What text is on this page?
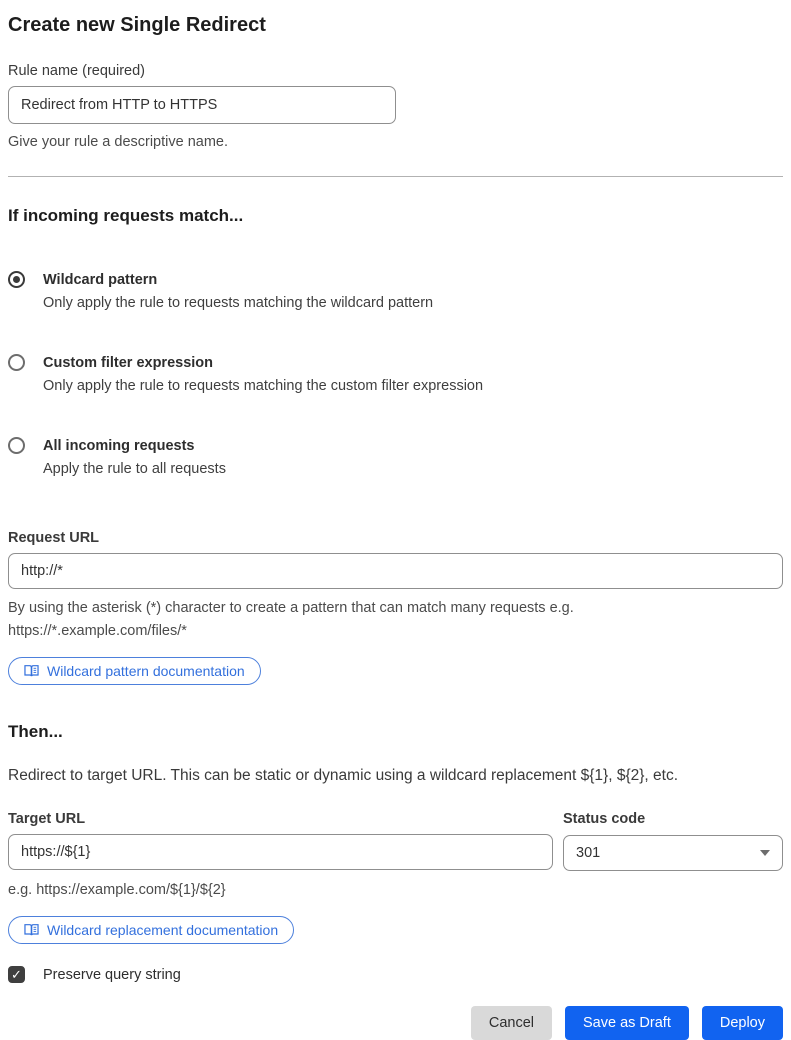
Create new Single Redirect
Rule name (required)
Redirect from HTTP to HTTPS
Give your rule a descriptive name.
If incoming requests match...
Wildcard pattern
Only apply the rule to requests matching the wildcard pattern
Custom filter expression
Only apply the rule to requests matching the custom filter expression
All incoming requests
Apply the rule to all requests
Request URL
http://*
By using the asterisk (*) character to create a pattern that can match many requests e.g.
https://*.example.com/files/*
Wildcard pattern documentation
Then...
Redirect to target URL. This can be static or dynamic using a wildcard replacement ${1}, ${2}, etc.
Target URL
https://${1}	Status code
301
e.g. https://example.com/${1}/${2}
Wildcard replacement documentation
✓ Preserve query string
Cancel	Save as Draft	Deploy
